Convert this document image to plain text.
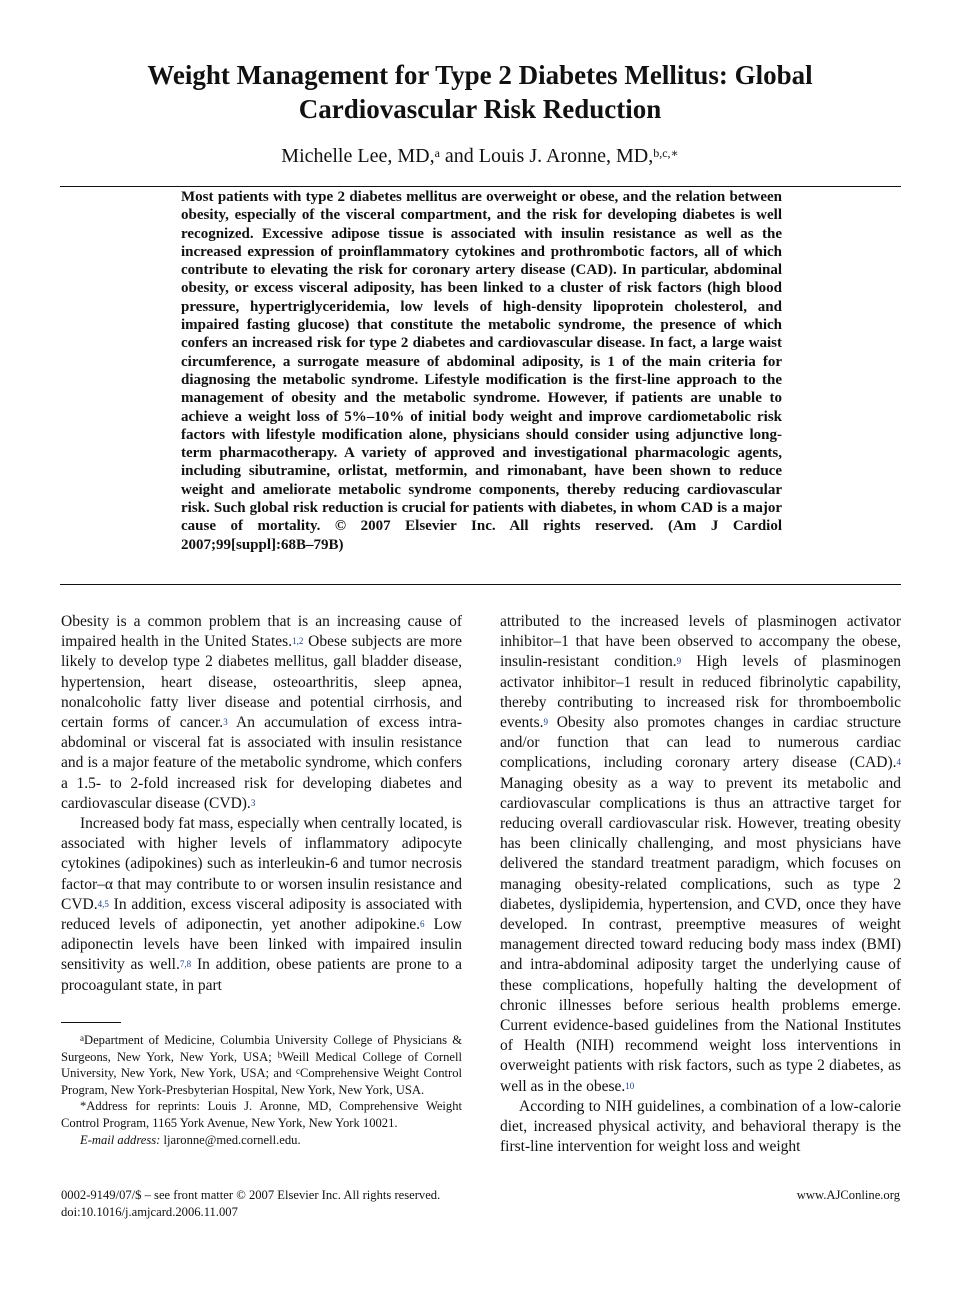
Weight Management for Type 2 Diabetes Mellitus: Global
Cardiovascular Risk Reduction
Michelle Lee, MD,$^a$ and Louis J. Aronne, MD,$^{b,c,∗}$
Most patients with type 2 diabetes mellitus are overweight or obese, and the relation between obesity, especially of the visceral compartment, and the risk for developing diabetes is well recognized. Excessive adipose tissue is associated with insulin resistance as well as the increased expression of proinflammatory cytokines and prothrombotic factors, all of which contribute to elevating the risk for coronary artery disease (CAD). In particular, abdominal obesity, or excess visceral adiposity, has been linked to a cluster of risk factors (high blood pressure, hypertriglyceridemia, low levels of high-density lipoprotein cholesterol, and impaired fasting glucose) that constitute the metabolic syndrome, the presence of which confers an increased risk for type 2 diabetes and cardiovascular disease. In fact, a large waist circumference, a surrogate measure of abdominal adiposity, is 1 of the main criteria for diagnosing the metabolic syndrome. Lifestyle modification is the first-line approach to the management of obesity and the metabolic syndrome. However, if patients are unable to achieve a weight loss of 5%–10% of initial body weight and improve cardiometabolic risk factors with lifestyle modification alone, physicians should consider using adjunctive long-term pharmacotherapy. A variety of approved and investigational pharmacologic agents, including sibutramine, orlistat, metformin, and rimonabant, have been shown to reduce weight and ameliorate metabolic syndrome components, thereby reducing cardiovascular risk. Such global risk reduction is crucial for patients with diabetes, in whom CAD is a major cause of mortality. © 2007 Elsevier Inc. All rights reserved. (Am J Cardiol 2007;99[suppl]:68B–79B)

Obesity is a common problem that is an increasing cause of impaired health in the United States.$^{1,2}$ Obese subjects are more likely to develop type 2 diabetes mellitus, gall bladder disease, hypertension, heart disease, osteoarthritis, sleep apnea, nonalcoholic fatty liver disease and potential cirrhosis, and certain forms of cancer.$^3$ An accumulation of excess intra-abdominal or visceral fat is associated with insulin resistance and is a major feature of the metabolic syndrome, which confers a 1.5- to 2-fold increased risk for developing diabetes and cardiovascular disease (CVD).$^3$

Increased body fat mass, especially when centrally located, is associated with higher levels of inflammatory adipocyte cytokines (adipokines) such as interleukin-6 and tumor necrosis factor–α that may contribute to or worsen insulin resistance and CVD.$^{4,5}$ In addition, excess visceral adiposity is associated with reduced levels of adiponectin, yet another adipokine.$^6$ Low adiponectin levels have been linked with impaired insulin sensitivity as well.$^{7,8}$ In addition, obese patients are prone to a procoagulant state, in part

$^a$Department of Medicine, Columbia University College of Physicians & Surgeons, New York, New York, USA; $^b$Weill Medical College of Cornell University, New York, New York, USA; and $^c$Comprehensive Weight Control Program, New York-Presbyterian Hospital, New York, New York, USA.

*Address for reprints: Louis J. Aronne, MD, Comprehensive Weight Control Program, 1165 York Avenue, New York, New York 10021.

E-mail address: ljaronne@med.cornell.edu.

attributed to the increased levels of plasminogen activator inhibitor–1 that have been observed to accompany the obese, insulin-resistant condition.$^9$ High levels of plasminogen activator inhibitor–1 result in reduced fibrinolytic capability, thereby contributing to increased risk for thromboembolic events.$^9$ Obesity also promotes changes in cardiac structure and/or function that can lead to numerous cardiac complications, including coronary artery disease (CAD).$^4$ Managing obesity as a way to prevent its metabolic and cardiovascular complications is thus an attractive target for reducing overall cardiovascular risk. However, treating obesity has been clinically challenging, and most physicians have delivered the standard treatment paradigm, which focuses on managing obesity-related complications, such as type 2 diabetes, dyslipidemia, hypertension, and CVD, once they have developed. In contrast, preemptive measures of weight management directed toward reducing body mass index (BMI) and intra-abdominal adiposity target the underlying cause of these complications, hopefully halting the development of chronic illnesses before serious health problems emerge. Current evidence-based guidelines from the National Institutes of Health (NIH) recommend weight loss interventions in overweight patients with risk factors, such as type 2 diabetes, as well as in the obese.$^{10}$

According to NIH guidelines, a combination of a low-calorie diet, increased physical activity, and behavioral therapy is the first-line intervention for weight loss and weight

0002-9149/07/$ – see front matter © 2007 Elsevier Inc. All rights reserved.
doi:10.1016/j.amjcard.2006.11.007
www.AJConline.org
